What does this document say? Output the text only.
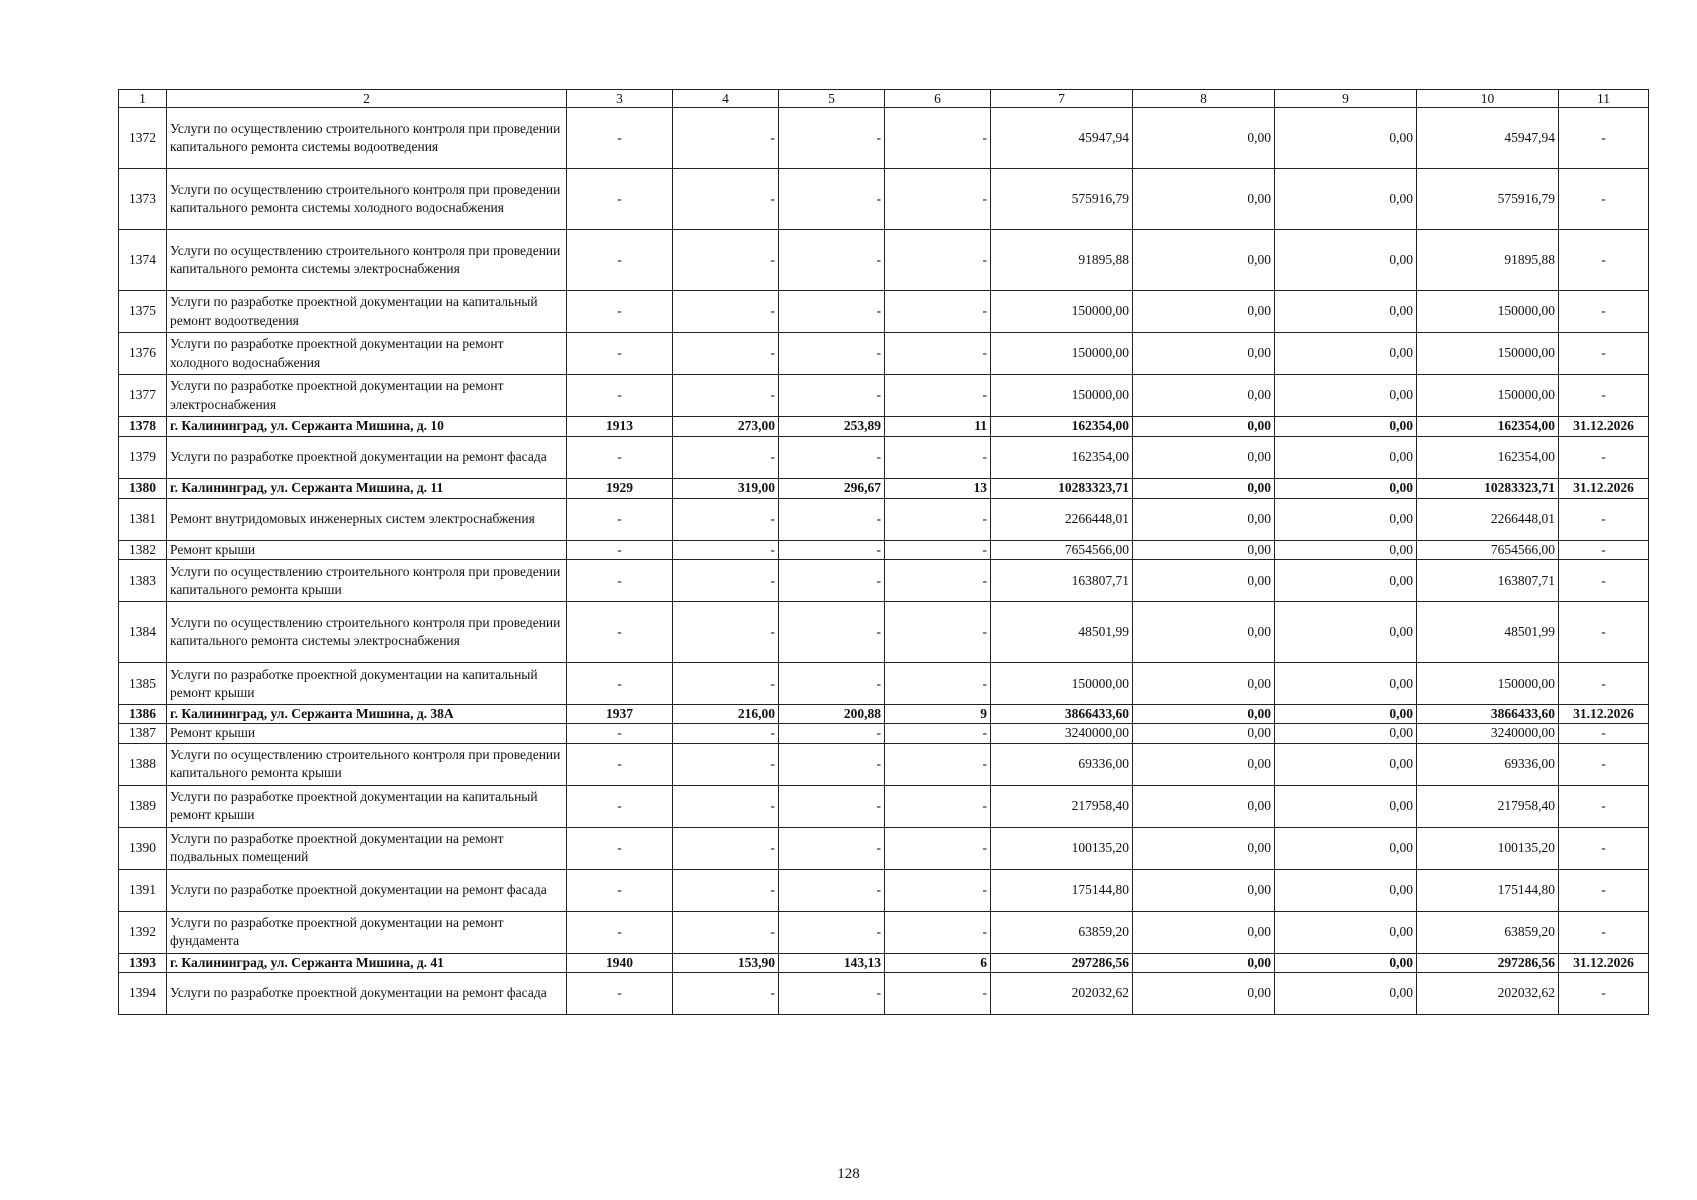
1	2	3	4	5	6	7	8	9	10	11
1372	Услуги по осуществлению строительного контроля при проведении капитального ремонта системы водоотведения	-	-	-	-	45947,94	0,00	0,00	45947,94	-
1373	Услуги по осуществлению строительного контроля при проведении капитального ремонта системы холодного водоснабжения	-	-	-	-	575916,79	0,00	0,00	575916,79	-
1374	Услуги по осуществлению строительного контроля при проведении капитального ремонта системы электроснабжения	-	-	-	-	91895,88	0,00	0,00	91895,88	-
1375	Услуги по разработке проектной документации на капитальный ремонт водоотведения	-	-	-	-	150000,00	0,00	0,00	150000,00	-
1376	Услуги по разработке проектной документации на ремонт холодного водоснабжения	-	-	-	-	150000,00	0,00	0,00	150000,00	-
1377	Услуги по разработке проектной документации на ремонт электроснабжения	-	-	-	-	150000,00	0,00	0,00	150000,00	-
1378	г. Калининград, ул. Сержанта Мишина, д. 10	1913	273,00	253,89	11	162354,00	0,00	0,00	162354,00	31.12.2026
1379	Услуги по разработке проектной документации на ремонт фасада	-	-	-	-	162354,00	0,00	0,00	162354,00	-
1380	г. Калининград, ул. Сержанта Мишина, д. 11	1929	319,00	296,67	13	10283323,71	0,00	0,00	10283323,71	31.12.2026
1381	Ремонт внутридомовых инженерных систем электроснабжения	-	-	-	-	2266448,01	0,00	0,00	2266448,01	-
1382	Ремонт крыши	-	-	-	-	7654566,00	0,00	0,00	7654566,00	-
1383	Услуги по осуществлению строительного контроля при проведении капитального ремонта крыши	-	-	-	-	163807,71	0,00	0,00	163807,71	-
1384	Услуги по осуществлению строительного контроля при проведении капитального ремонта системы электроснабжения	-	-	-	-	48501,99	0,00	0,00	48501,99	-
1385	Услуги по разработке проектной документации на капитальный ремонт крыши	-	-	-	-	150000,00	0,00	0,00	150000,00	-
1386	г. Калининград, ул. Сержанта Мишина, д. 38А	1937	216,00	200,88	9	3866433,60	0,00	0,00	3866433,60	31.12.2026
1387	Ремонт крыши	-	-	-	-	3240000,00	0,00	0,00	3240000,00	-
1388	Услуги по осуществлению строительного контроля при проведении капитального ремонта крыши	-	-	-	-	69336,00	0,00	0,00	69336,00	-
1389	Услуги по разработке проектной документации на капитальный ремонт крыши	-	-	-	-	217958,40	0,00	0,00	217958,40	-
1390	Услуги по разработке проектной документации на ремонт подвальных помещений	-	-	-	-	100135,20	0,00	0,00	100135,20	-
1391	Услуги по разработке проектной документации на ремонт фасада	-	-	-	-	175144,80	0,00	0,00	175144,80	-
1392	Услуги по разработке проектной документации на ремонт фундамента	-	-	-	-	63859,20	0,00	0,00	63859,20	-
1393	г. Калининград, ул. Сержанта Мишина, д. 41	1940	153,90	143,13	6	297286,56	0,00	0,00	297286,56	31.12.2026
1394	Услуги по разработке проектной документации на ремонт фасада	-	-	-	-	202032,62	0,00	0,00	202032,62	-
128
